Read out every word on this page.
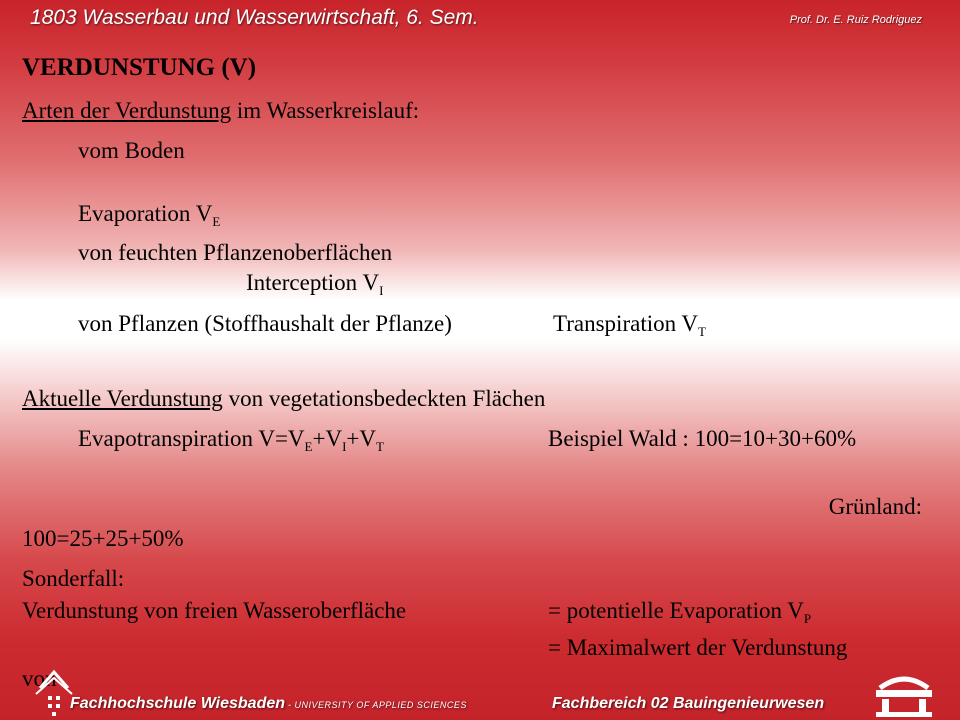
1803 Wasserbau und Wasserwirtschaft, 6. Sem.	Prof. Dr. E. Ruiz Rodriguez
VERDUNSTUNG (V)
Arten der Verdunstung im Wasserkreislauf:
vom Boden
Evaporation $V_E$
von feuchten Pflanzenoberflächen
Interception $V_I$
von Pflanzen (Stoffhaushalt der Pflanze)	Transpiration $V_T$
Aktuelle Verdunstung von vegetationsbedeckten Flächen
Evapotranspiration $V=V_E+V_I+V_T$	Beispiel Wald : 100=10+30+60%
Grünland:
100=25+25+50%
Sonderfall:
Verdunstung von freien Wasseroberfläche	= potentielle Evaporation $V_P$
= Maximalwert der Verdunstung
von
Fachhochschule Wiesbaden - UNIVERSITY OF APPLIED SCIENCES	Fachbereich 02 Bauingenieurwesen
